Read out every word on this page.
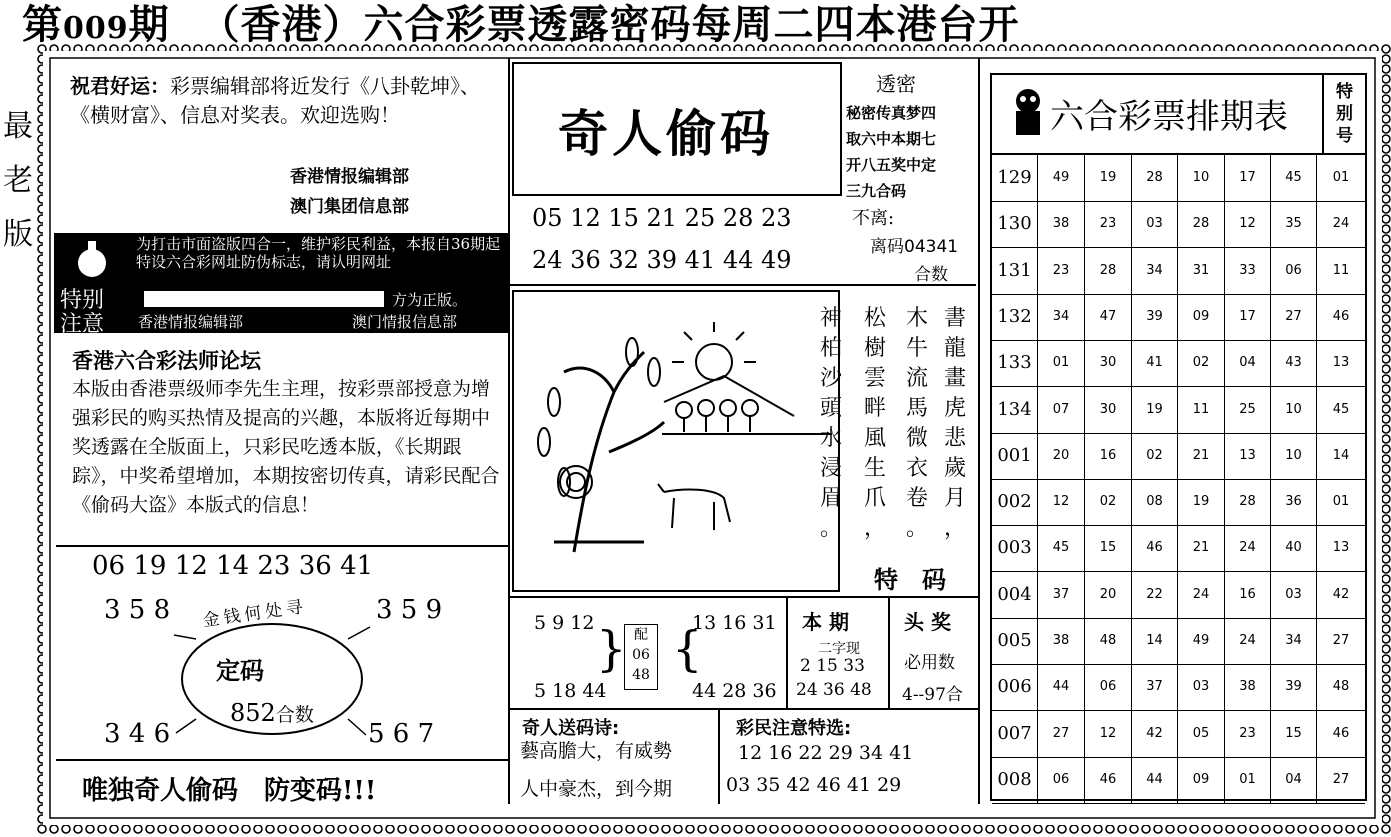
第009期 （香港）六合彩票透露密码每周二四本港台开
最
老
版
祝君好运：彩票编辑部将近发行《八卦乾坤》、《横财富》、信息对奖表。欢迎选购！
香港情报编辑部
澳门集团信息部
特别
注意
为打击市面盗版四合一，维护彩民利益，本报自36期起特设六合彩网址防伪标志，请认明网址
方为正版。
香港情报编辑部	澳门情报信息部
香港六合彩法师论坛
本版由香港票级师李先生主理，按彩票部授意为增强彩民的购买热情及提高的兴趣，本版将近每期中奖透露在全版面上，只彩民吃透本版，《长期跟踪》，中奖希望增加，本期按密切传真，请彩民配合《偷码大盗》本版式的信息！
06 19 12 14 23 36 41
3 5 8	3 5 9
3 4 6	5 6 7
金钱何处寻
定码
852合数
唯独奇人偷码　防变码!!!
奇人偷码
05 12 15 21 25 28 23
24 36 32 39 41 44 49
透密
秘密传真梦四
取六中本期七
开八五奖中定
三九合码
不离:
离码04341
合数
書
龍
畫
虎
悲
歲
月
，
木
牛
流
馬
微
衣
卷
。
松
樹
雲
畔
風
生
爪
，
神
柏
沙
頭
水
浸
眉
。
特　码
5 9 12
5 18 44
} 配
06
48 {
13 16 31
44 28 36
本 期
二字现
2 15 33
24 36 48
头 奖
必用数
4--97合
奇人送码诗:
藝高膽大，有威勢
人中豪杰，到今期
彩民注意特选:
12 16 22 29 34 41
03 35 42 46 41 29
六合彩票排期表
特
别
号
129	49	19	28	10	17	45	01
130	38	23	03	28	12	35	24
131	23	28	34	31	33	06	11
132	34	47	39	09	17	27	46
133	01	30	41	02	04	43	13
134	07	30	19	11	25	10	45
001	20	16	02	21	13	10	14
002	12	02	08	19	28	36	01
003	45	15	46	21	24	40	13
004	37	20	22	24	16	03	42
005	38	48	14	49	24	34	27
006	44	06	37	03	38	39	48
007	27	12	42	05	23	15	46
008	06	46	44	09	01	04	27
